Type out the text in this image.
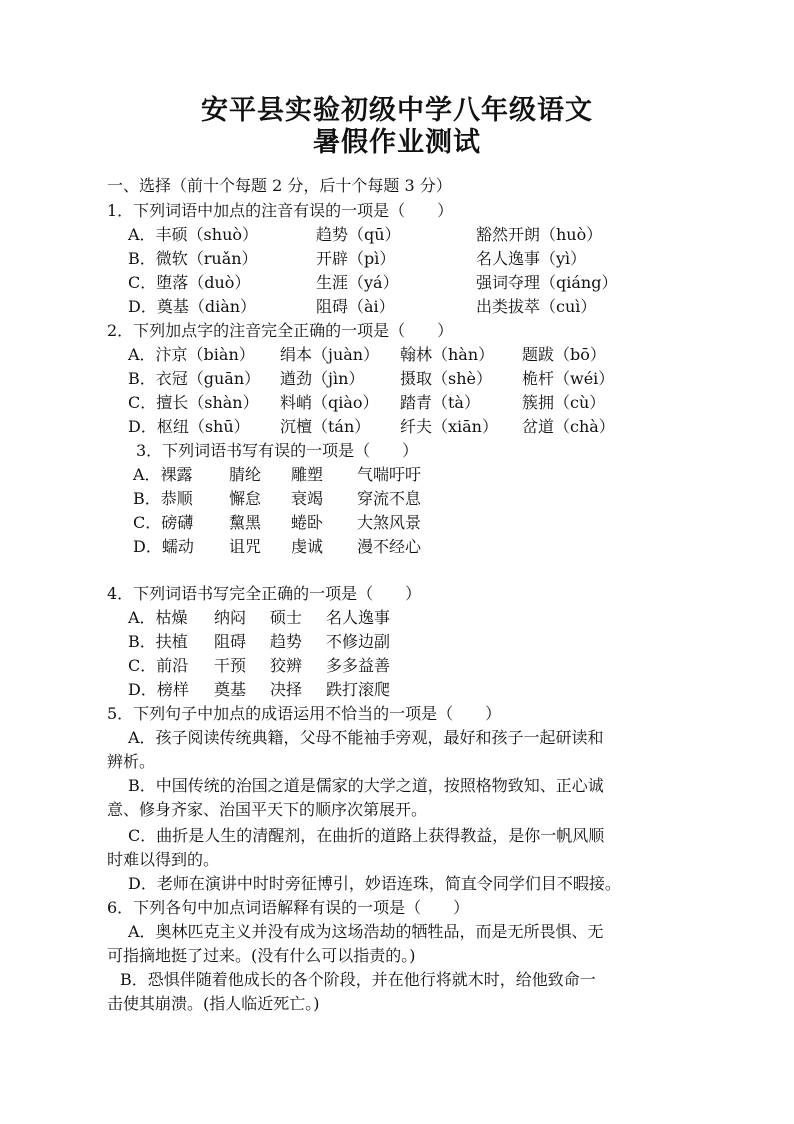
安平县实验初级中学八年级语文
暑假作业测试
一、选择（前十个每题 2 分，后十个每题 3 分）
1．下列词语中加点的注音有误的一项是（　　）
A．丰硕（shuò）	趋势（qū）	豁然开朗（huò）
B．微软（ruǎn）	开辟（pì）	名人逸事（yì）
C．堕落（duò）	生涯（yá）	强词夺理（qiáng）
D．奠基（diàn）	阻碍（ài）	出类拔萃（cuì）
2．下列加点字的注音完全正确的一项是（　　）
A．汴京（biàn） 绢本（juàn） 翰林（hàn） 题跋（bō）
B．衣冠（guān） 遒劲（jìn） 摄取（shè） 桅杆（wéi）
C．擅长（shàn） 料峭（qiào） 踏青（tà）	簇拥（cù）
D．枢纽（shū） 沉檀（tán） 纤夫（xiān） 岔道（chà）
3．下列词语书写有误的一项是（　　）
A．裸露 腈纶 雕塑 气喘吁吁
B．恭顺 懈怠 衰竭 穿流不息
C．磅礴 黧黑 蜷卧 大煞风景
D．蠕动 诅咒 虔诚 漫不经心
4．下列词语书写完全正确的一项是（　　）
A．枯燥 纳闷 硕士 名人逸事
B．扶植 阻碍 趋势 不修边副
C．前沿 干预 狡辨 多多益善
D．榜样 奠基 决择 跌打滚爬
5．下列句子中加点的成语运用不恰当的一项是（　　）
A．孩子阅读传统典籍，父母不能袖手旁观，最好和孩子一起研读和
辨析。
B．中国传统的治国之道是儒家的大学之道，按照格物致知、正心诚
意、修身齐家、治国平天下的顺序次第展开。
C．曲折是人生的清醒剂，在曲折的道路上获得教益，是你一帆风顺
时难以得到的。
D．老师在演讲中时时旁征博引，妙语连珠，简直令同学们目不暇接。
6．下列各句中加点词语解释有误的一项是（　　）
A．奥林匹克主义并没有成为这场浩劫的牺牲品，而是无所畏惧、无
可指摘地挺了过来。(没有什么可以指责的。)
B．恐惧伴随着他成长的各个阶段，并在他行将就木时，给他致命一
击使其崩溃。(指人临近死亡。)
